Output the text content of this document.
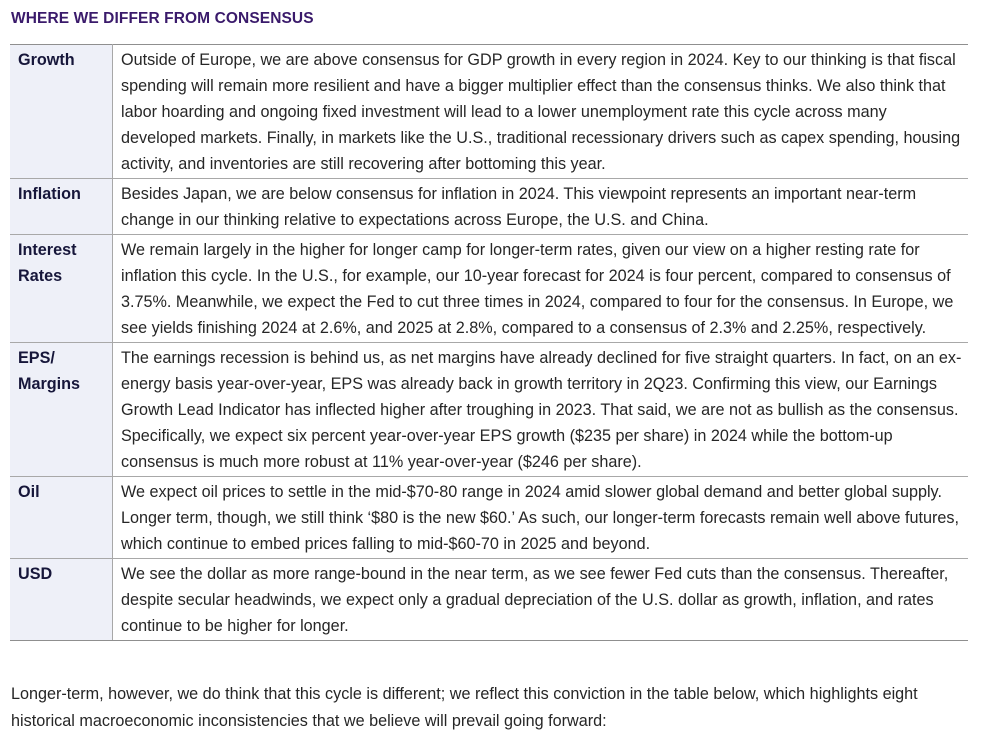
WHERE WE DIFFER FROM CONSENSUS
Growth	Outside of Europe, we are above consensus for GDP growth in every region in 2024. Key to our thinking is that fiscal spending will remain more resilient and have a bigger multiplier effect than the consensus thinks. We also think that labor hoarding and ongoing fixed investment will lead to a lower unemployment rate this cycle across many developed markets. Finally, in markets like the U.S., traditional recessionary drivers such as capex spending, housing activity, and inventories are still recovering after bottoming this year.
Inflation	Besides Japan, we are below consensus for inflation in 2024. This viewpoint represents an important near-term change in our thinking relative to expectations across Europe, the U.S. and China.
Interest Rates	We remain largely in the higher for longer camp for longer-term rates, given our view on a higher resting rate for inflation this cycle. In the U.S., for example, our 10-year forecast for 2024 is four percent, compared to consensus of 3.75%. Meanwhile, we expect the Fed to cut three times in 2024, compared to four for the consensus. In Europe, we see yields finishing 2024 at 2.6%, and 2025 at 2.8%, compared to a consensus of 2.3% and 2.25%, respectively.
EPS/ Margins	The earnings recession is behind us, as net margins have already declined for five straight quarters. In fact, on an ex-energy basis year-over-year, EPS was already back in growth territory in 2Q23. Confirming this view, our Earnings Growth Lead Indicator has inflected higher after troughing in 2023. That said, we are not as bullish as the consensus. Specifically, we expect six percent year-over-year EPS growth ($235 per share) in 2024 while the bottom-up consensus is much more robust at 11% year-over-year ($246 per share).
Oil	We expect oil prices to settle in the mid-$70-80 range in 2024 amid slower global demand and better global supply. Longer term, though, we still think ‘$80 is the new $60.’ As such, our longer-term forecasts remain well above futures, which continue to embed prices falling to mid-$60-70 in 2025 and beyond.
USD	We see the dollar as more range-bound in the near term, as we see fewer Fed cuts than the consensus. Thereafter, despite secular headwinds, we expect only a gradual depreciation of the U.S. dollar as growth, inflation, and rates continue to be higher for longer.
Longer-term, however, we do think that this cycle is different; we reflect this conviction in the table below, which highlights eight historical macroeconomic inconsistencies that we believe will prevail going forward:
